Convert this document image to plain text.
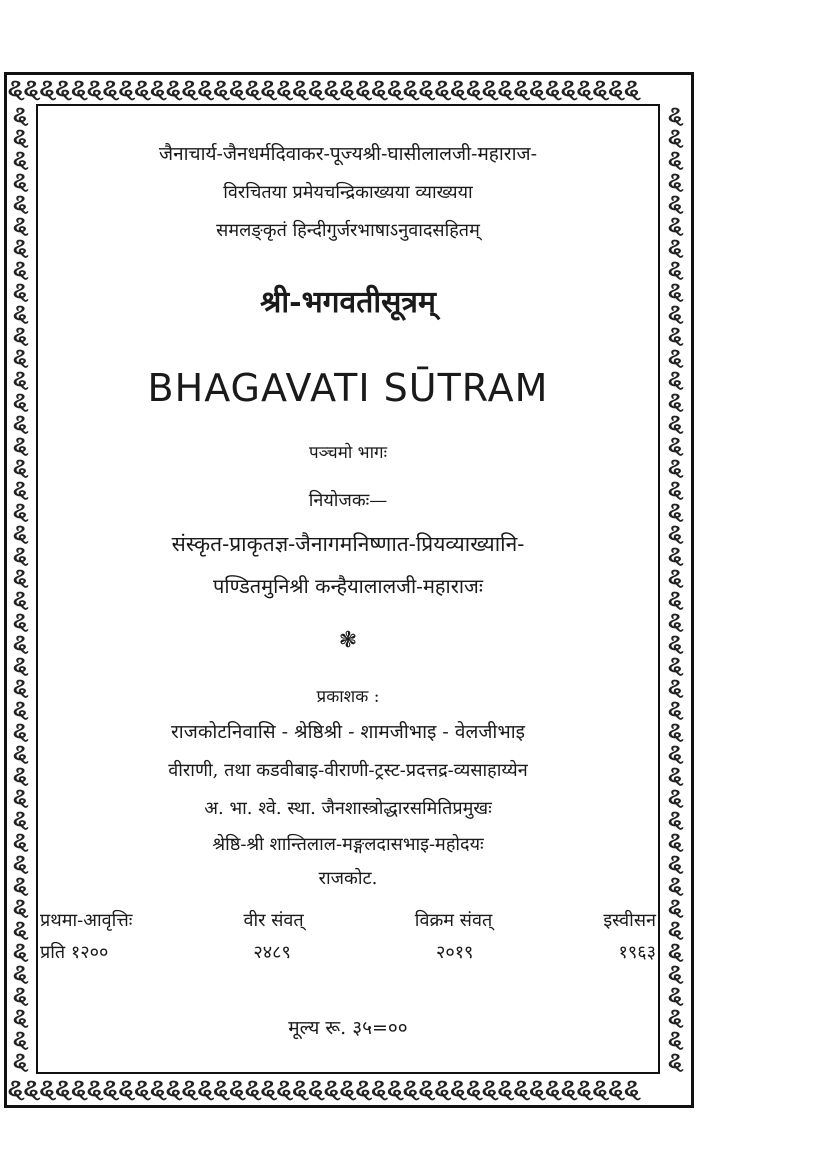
ୡୡୡୡୡୡୡୡୡୡୡୡୡୡୡୡୡୡୡୡୡୡୡୡୡୡୡୡୡୡୡୡୡୡୡୡୡୡୡୡ
ୡୡୡୡୡୡୡୡୡୡୡୡୡୡୡୡୡୡୡୡୡୡୡୡୡୡୡୡୡୡୡୡୡୡୡୡୡୡୡୡ
ୡୡୡୡୡୡୡୡୡୡୡୡୡୡୡୡୡୡୡୡୡୡୡୡୡୡୡୡୡୡୡୡୡୡୡୡୡୡୡୡୡୡୡୡ
ୡୡୡୡୡୡୡୡୡୡୡୡୡୡୡୡୡୡୡୡୡୡୡୡୡୡୡୡୡୡୡୡୡୡୡୡୡୡୡୡୡୡୡୡ
जैनाचार्य-जैनधर्मदिवाकर-पूज्यश्री-घासीलालजी-महाराज-
विरचितया प्रमेयचन्द्रिकाख्यया व्याख्यया
समलङ्कृतं हिन्दीगुर्जरभाषाऽनुवादसहितम्
श्री-भगवतीसूत्रम्
BHAGAVATI SŪTRAM
पञ्चमो भागः
नियोजकः—
संस्कृत-प्राकृतज्ञ-जैनागमनिष्णात-प्रियव्याख्यानि-
पण्डितमुनिश्री कन्हैयालालजी-महाराजः
❃
प्रकाशक :
राजकोटनिवासि - श्रेष्ठिश्री - शामजीभाइ - वेलजीभाइ
वीराणी, तथा कडवीबाइ-वीराणी-ट्रस्ट-प्रदत्तद्र-व्यसाहाय्येन
अ. भा. श्वे. स्था. जैनशास्त्रोद्धारसमितिप्रमुखः
श्रेष्ठि-श्री शान्तिलाल-मङ्गलदासभाइ-महोदयः
राजकोट.
प्रथमा-आवृत्तिः	वीर संवत्	विक्रम संवत्	इस्वीसन
प्रति १२००	२४८९	२०१९	१९६३
मूल्य रू. ३५=००
